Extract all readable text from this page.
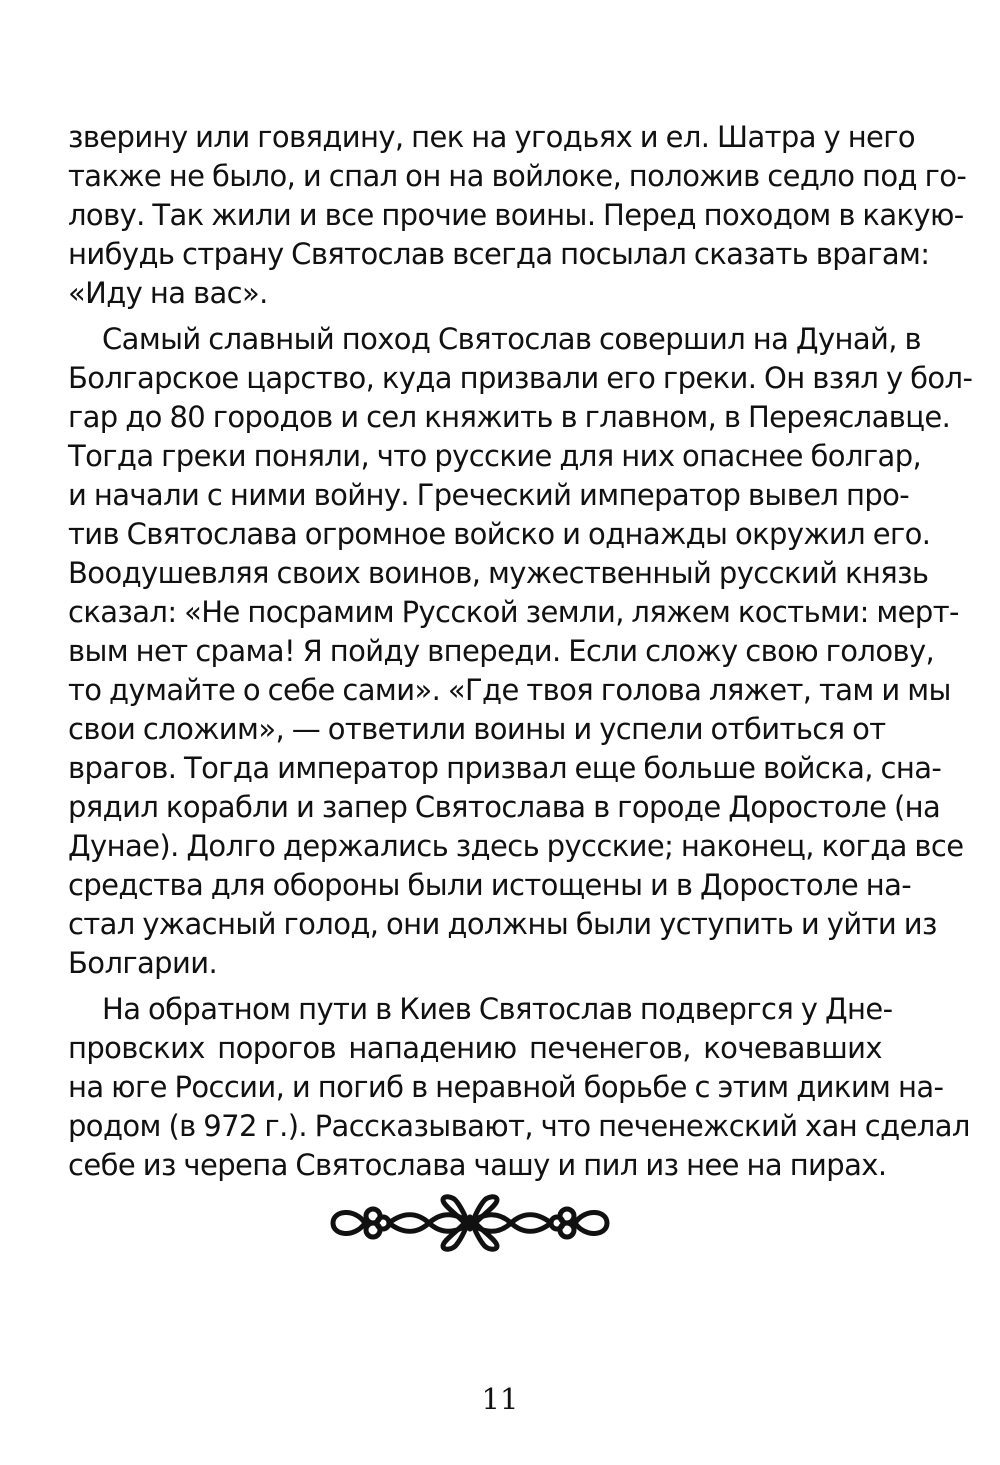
зверину или говядину, пек на угодьях и ел. Шатра у него
также не было, и спал он на войлоке, положив седло под го-
лову. Так жили и все прочие воины. Перед походом в какую-
нибудь страну Святослав всегда посылал сказать врагам:
«Иду на вас».
Самый славный поход Святослав совершил на Дунай, в
Болгарское царство, куда призвали его греки. Он взял у бол-
гар до 80 городов и сел княжить в главном, в Переяславце.
Тогда греки поняли, что русские для них опаснее болгар,
и начали с ними войну. Греческий император вывел про-
тив Святослава огромное войско и однажды окружил его.
Воодушевляя своих воинов, мужественный русский князь
сказал: «Не посрамим Русской земли, ляжем костьми: мерт-
вым нет срама! Я пойду впереди. Если сложу свою голову,
то думайте о себе сами». «Где твоя голова ляжет, там и мы
свои сложим», — ответили воины и успели отбиться от
врагов. Тогда император призвал еще больше войска, сна-
рядил корабли и запер Святослава в городе Доростоле (на
Дунае). Долго держались здесь русские; наконец, когда все
средства для обороны были истощены и в Доростоле на-
стал ужасный голод, они должны были уступить и уйти из
Болгарии.
На обратном пути в Киев Святослав подвергся у Дне-
провских порогов нападению печенегов, кочевавших
на юге России, и погиб в неравной борьбе с этим диким на-
родом (в 972 г.). Рассказывают, что печенежский хан сделал
себе из черепа Святослава чашу и пил из нее на пирах.
11
